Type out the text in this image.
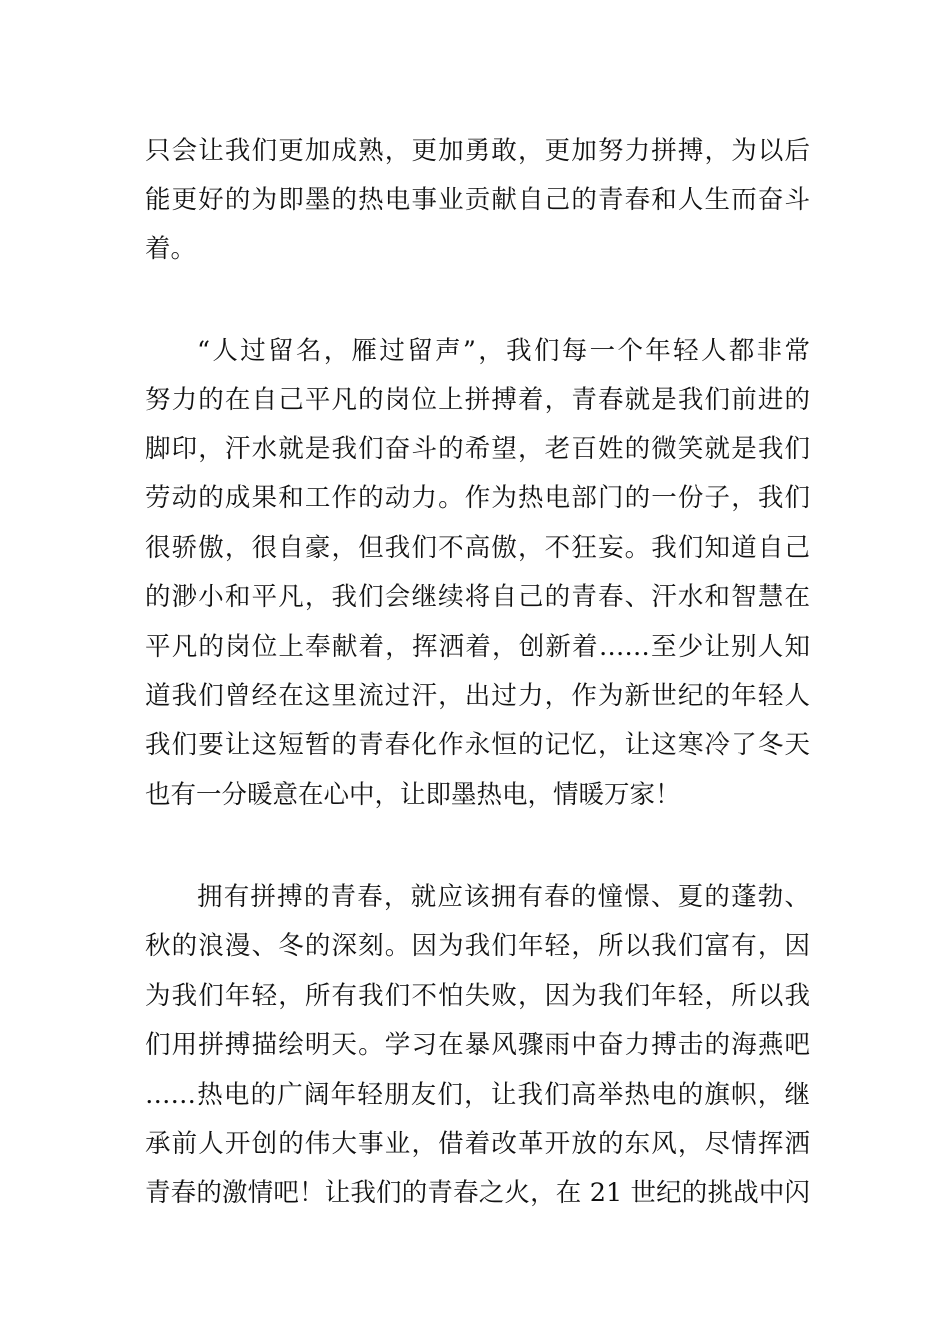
只会让我们更加成熟，更加勇敢，更加努力拼搏，为以后
能更好的为即墨的热电事业贡献自己的青春和人生而奋斗
着。
“人过留名，雁过留声”，我们每一个年轻人都非常
努力的在自己平凡的岗位上拼搏着，青春就是我们前进的
脚印，汗水就是我们奋斗的希望，老百姓的微笑就是我们
劳动的成果和工作的动力。作为热电部门的一份子，我们
很骄傲，很自豪，但我们不高傲，不狂妄。我们知道自己
的渺小和平凡，我们会继续将自己的青春、汗水和智慧在
平凡的岗位上奉献着，挥洒着，创新着……至少让别人知
道我们曾经在这里流过汗，出过力，作为新世纪的年轻人
我们要让这短暂的青春化作永恒的记忆，让这寒冷了冬天
也有一分暖意在心中，让即墨热电，情暖万家！
拥有拼搏的青春，就应该拥有春的憧憬、夏的蓬勃、
秋的浪漫、冬的深刻。因为我们年轻，所以我们富有，因
为我们年轻，所有我们不怕失败，因为我们年轻，所以我
们用拼搏描绘明天。学习在暴风骤雨中奋力搏击的海燕吧
……热电的广阔年轻朋友们，让我们高举热电的旗帜，继
承前人开创的伟大事业，借着改革开放的东风，尽情挥洒
青春的激情吧！让我们的青春之火，在 21 世纪的挑战中闪
